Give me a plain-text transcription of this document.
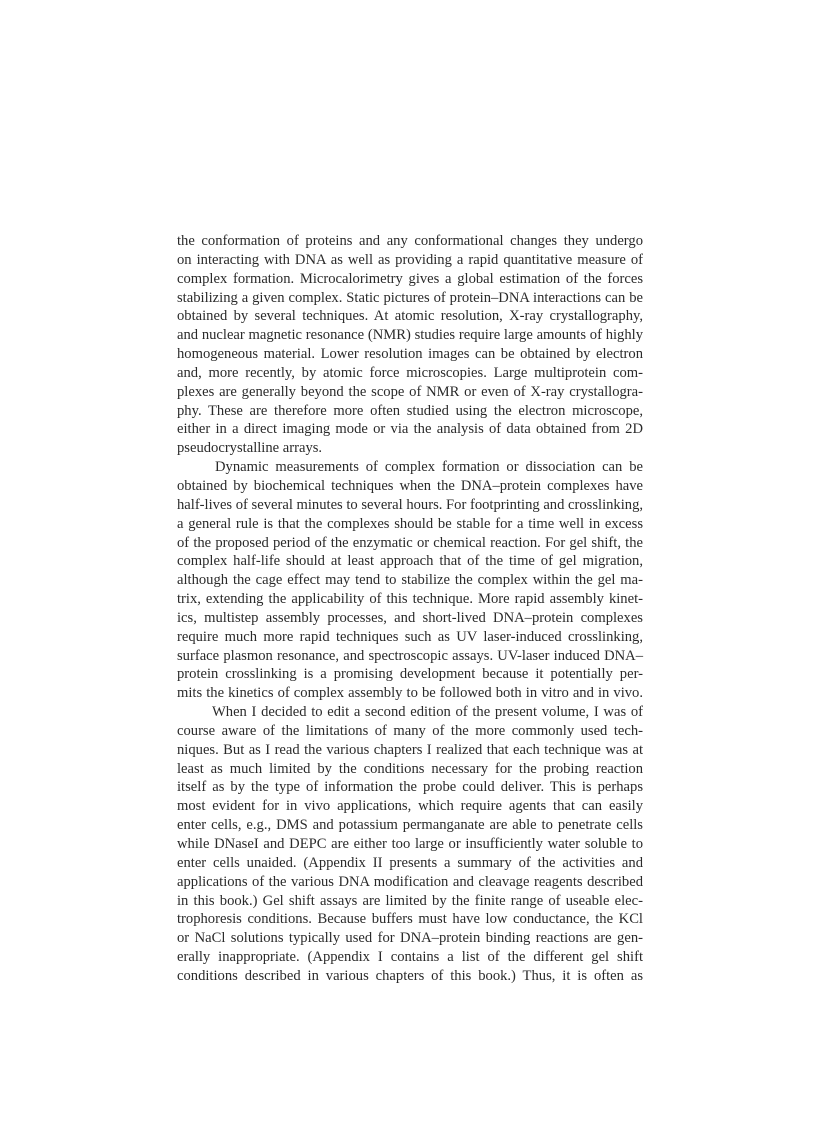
the conformation of proteins and any conformational changes they undergo
on interacting with DNA as well as providing a rapid quantitative measure of
complex formation. Microcalorimetry gives a global estimation of the forces
stabilizing a given complex. Static pictures of protein–DNA interactions can be
obtained by several techniques. At atomic resolution, X-ray crystallography,
and nuclear magnetic resonance (NMR) studies require large amounts of highly
homogeneous material. Lower resolution images can be obtained by electron
and, more recently, by atomic force microscopies. Large multiprotein com-
plexes are generally beyond the scope of NMR or even of X-ray crystallogra-
phy. These are therefore more often studied using the electron microscope,
either in a direct imaging mode or via the analysis of data obtained from 2D
pseudocrystalline arrays.

Dynamic measurements of complex formation or dissociation can be
obtained by biochemical techniques when the DNA–protein complexes have
half-lives of several minutes to several hours. For footprinting and crosslinking,
a general rule is that the complexes should be stable for a time well in excess
of the proposed period of the enzymatic or chemical reaction. For gel shift, the
complex half-life should at least approach that of the time of gel migration,
although the cage effect may tend to stabilize the complex within the gel ma-
trix, extending the applicability of this technique. More rapid assembly kinet-
ics, multistep assembly processes, and short-lived DNA–protein complexes
require much more rapid techniques such as UV laser-induced crosslinking,
surface plasmon resonance, and spectroscopic assays. UV-laser induced DNA–
protein crosslinking is a promising development because it potentially per-
mits the kinetics of complex assembly to be followed both in vitro and in vivo.

When I decided to edit a second edition of the present volume, I was of
course aware of the limitations of many of the more commonly used tech-
niques. But as I read the various chapters I realized that each technique was at
least as much limited by the conditions necessary for the probing reaction
itself as by the type of information the probe could deliver. This is perhaps
most evident for in vivo applications, which require agents that can easily
enter cells, e.g., DMS and potassium permanganate are able to penetrate cells
while DNaseI and DEPC are either too large or insufficiently water soluble to
enter cells unaided. (Appendix II presents a summary of the activities and
applications of the various DNA modification and cleavage reagents described
in this book.) Gel shift assays are limited by the finite range of useable elec-
trophoresis conditions. Because buffers must have low conductance, the KCl
or NaCl solutions typically used for DNA–protein binding reactions are gen-
erally inappropriate. (Appendix I contains a list of the different gel shift
conditions described in various chapters of this book.) Thus, it is often as
